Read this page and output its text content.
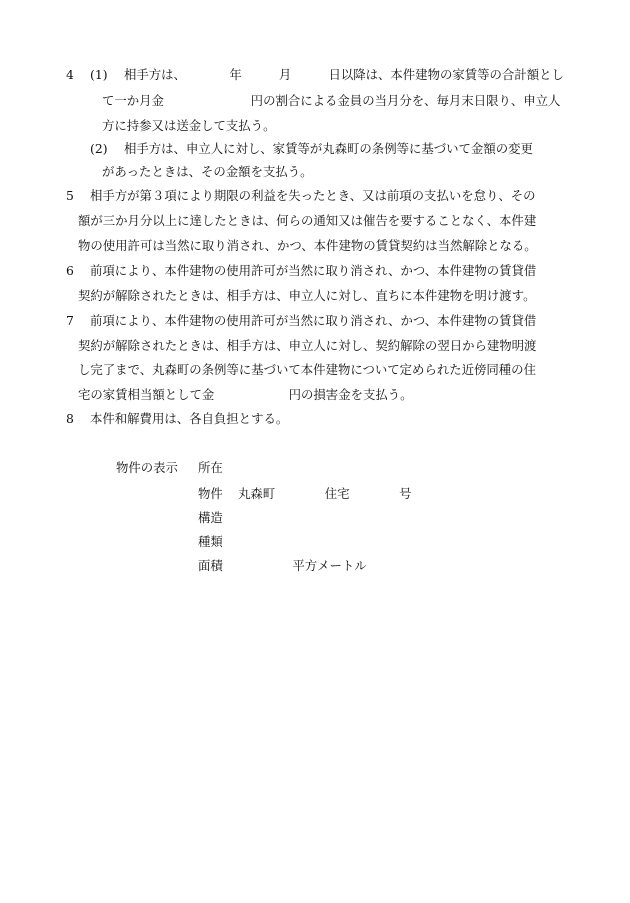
4 (1) 相手方は、　　　　年　　　月　　　日以降は、本件建物の家賃等の合計額とし
て一か月金　　　　　　　円の割合による金員の当月分を、毎月末日限り、申立人
方に持参又は送金して支払う。
(2) 相手方は、申立人に対し、家賃等が丸森町の条例等に基づいて金額の変更
があったときは、その金額を支払う。
5 相手方が第３項により期限の利益を失ったとき、又は前項の支払いを怠り、その
額が三か月分以上に達したときは、何らの通知又は催告を要することなく、本件建
物の使用許可は当然に取り消され、かつ、本件建物の賃貸契約は当然解除となる。
6 前項により、本件建物の使用許可が当然に取り消され、かつ、本件建物の賃貸借
契約が解除されたときは、相手方は、申立人に対し、直ちに本件建物を明け渡す。
7 前項により、本件建物の使用許可が当然に取り消され、かつ、本件建物の賃貸借
契約が解除されたときは、相手方は、申立人に対し、契約解除の翌日から建物明渡
し完了まで、丸森町の条例等に基づいて本件建物について定められた近傍同種の住
宅の家賃相当額として金　　　　　　円の損害金を支払う。
8 本件和解費用は、各自負担とする。
物件の表示 所在
物件 丸森町　　　　住宅　　　　号
構造
種類
面積
　　　　　　平方メートル
